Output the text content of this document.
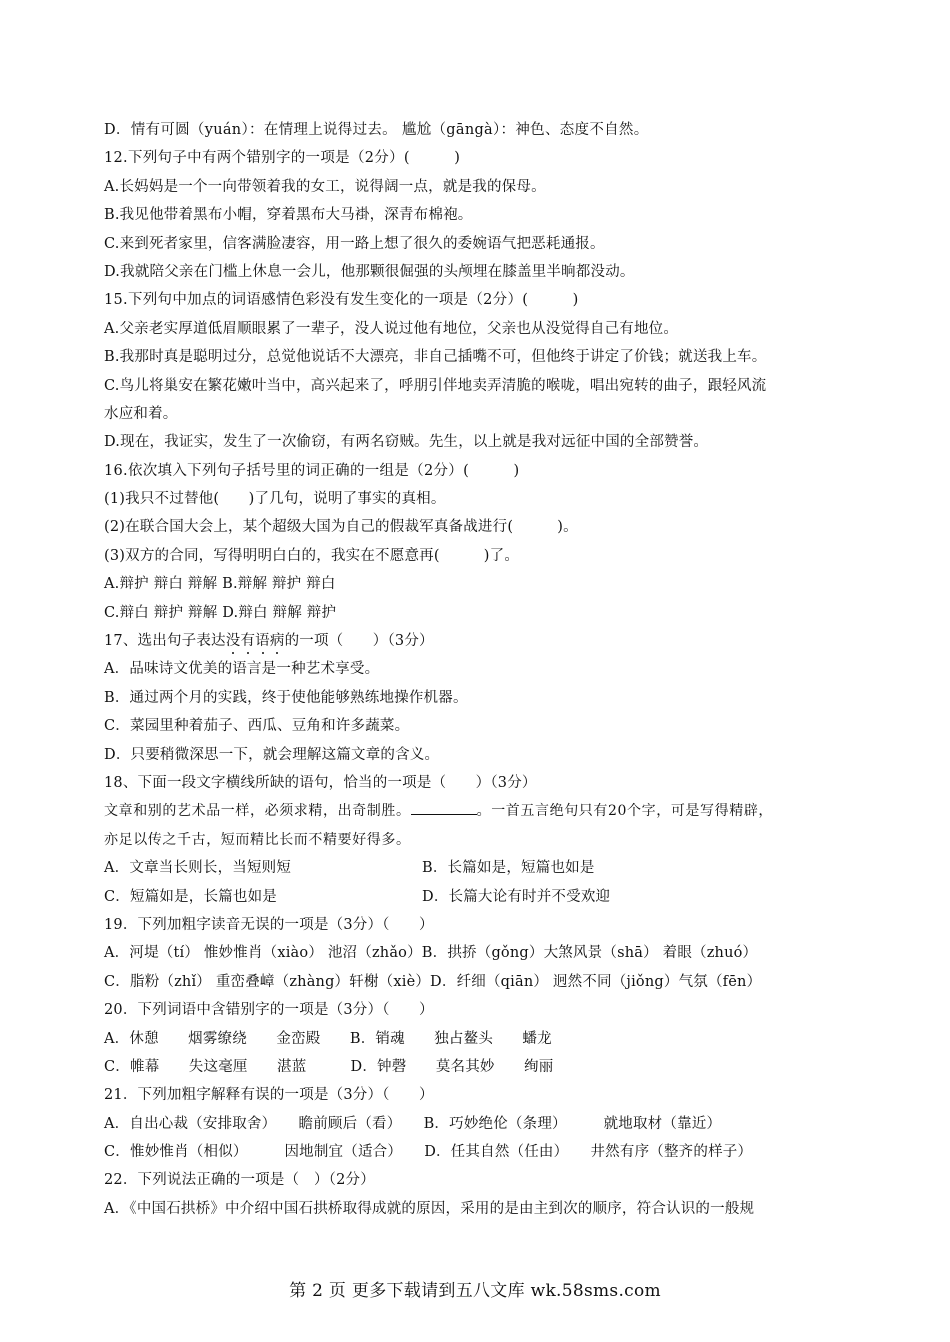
D．情有可圆（yuán）：在情理上说得过去。 尴尬（gāngà）：神色、态度不自然。
12.下列句子中有两个错别字的一项是（2分）(　　　)
A.长妈妈是一个一向带领着我的女工，说得阔一点，就是我的保母。
B.我见他带着黑布小帽，穿着黑布大马褂，深青布棉袍。
C.来到死者家里，信客满脸凄容，用一路上想了很久的委婉语气把恶耗通报。
D.我就陪父亲在门槛上休息一会儿，他那颗很倔强的头颅埋在膝盖里半晌都没动。
15.下列句中加点的词语感情色彩没有发生变化的一项是（2分）(　　　)
A.父亲老实厚道低眉顺眼累了一辈子，没人说过他有地位，父亲也从没觉得自己有地位。
B.我那时真是聪明过分，总觉他说话不大漂亮，非自己插嘴不可，但他终于讲定了价钱；就送我上车。
C.鸟儿将巢安在繁花嫩叶当中，高兴起来了，呼朋引伴地卖弄清脆的喉咙，唱出宛转的曲子，跟轻风流
水应和着。
D.现在，我证实，发生了一次偷窃，有两名窃贼。先生，以上就是我对远征中国的全部赞誉。
16.依次填入下列句子括号里的词正确的一组是（2分）(　　　)
(1)我只不过替他(　　)了几句，说明了事实的真相。
(2)在联合国大会上，某个超级大国为自己的假裁军真备战进行(　　　)。
(3)双方的合同，写得明明白白的，我实在不愿意再(　　　)了。
A.辩护 辩白 辩解 B.辩解 辩护 辩白
C.辩白 辩护 辩解 D.辩白 辩解 辩护
17、选出句子表达没有语病的一项（　　）（3分）
A．品味诗文优美的语言是一种艺术享受。
B．通过两个月的实践，终于使他能够熟练地操作机器。
C．菜园里种着茄子、西瓜、豆角和许多蔬菜。
D．只要稍微深思一下，就会理解这篇文章的含义。
18、下面一段文字横线所缺的语句，恰当的一项是（　　）（3分）
文章和别的艺术品一样，必须求精，出奇制胜。	。一首五言绝句只有20个字，可是写得精辟，
亦足以传之千古，短而精比长而不精要好得多。
A．文章当长则长，当短则短	B．长篇如是，短篇也如是
C．短篇如是，长篇也如是	D．长篇大论有时并不受欢迎
19．下列加粗字读音无误的一项是（3分）（　　）
A．河堤（tí） 惟妙惟肖（xiào） 池沼（zhǎo）B．拱挢（gǒng）大煞风景（shā） 着眼（zhuó）
C．脂粉（zhǐ） 重峦叠嶂（zhàng）轩榭（xiè）D．纤细（qiān） 迥然不同（jiǒng）气氛（fēn）
20．下列词语中含错别字的一项是（3分）（　　）
A．休憩　　烟雾缭绕　　金峦殿　　B．销魂　　独占鳌头　　蟠龙
C．帷幕　　失这毫厘　　湛蓝　　　D．钟磬　　莫名其妙　　绚丽
21．下列加粗字解释有误的一项是（3分）（　　）
A．自出心裁（安排取舍）　　瞻前顾后（看）　　B．巧妙绝伦（条理）　　　就地取材（靠近）
C．惟妙惟肖（相似）　　　因地制宜（适合）　　D．任其自然（任由）　　井然有序（整齐的样子）
22．下列说法正确的一项是（　）（2分）
A．《中国石拱桥》中介绍中国石拱桥取得成就的原因，采用的是由主到次的顺序，符合认识的一般规
第 2 页 更多下载请到五八文库 wk.58sms.com
